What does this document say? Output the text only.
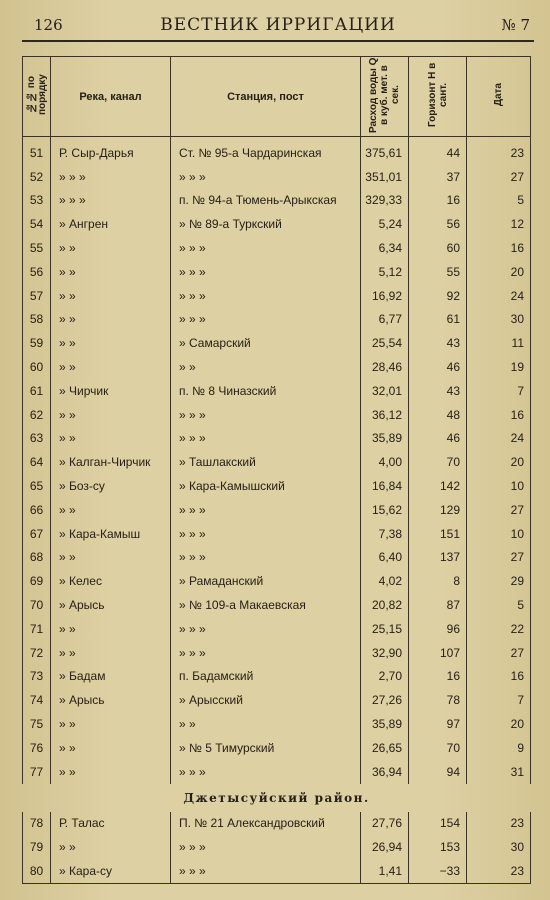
126	ВЕСТНИК ИРРИГАЦИИ	№ 7
№№ по порядку	Река, канал	Станция, пост	Расход воды Q в куб. мет. в сек.	Горизонт H в сант.	Дата
51	Р. Сыр-Дарья	Ст. № 95-а Чардаринская	375,61	44	23
52	» » »	» » »	351,01	37	27
53	» » »	п. № 94-а Тюмень-Арыкская	329,33	16	5
54	» Ангрен	» № 89-а Туркский	5,24	56	12
55	» »	» » »	6,34	60	16
56	» »	» » »	5,12	55	20
57	» »	» » »	16,92	92	24
58	» »	» » »	6,77	61	30
59	» »	» Самарский	25,54	43	11
60	» »	» »	28,46	46	19
61	» Чирчик	п. № 8 Чиназский	32,01	43	7
62	» »	» » »	36,12	48	16
63	» »	» » »	35,89	46	24
64	» Калган-Чирчик	» Ташлакский	4,00	70	20
65	» Боз-су	» Кара-Камышский	16,84	142	10
66	» »	» » »	15,62	129	27
67	» Кара-Камыш	» » »	7,38	151	10
68	» »	» » »	6,40	137	27
69	» Келес	» Рамаданский	4,02	8	29
70	» Арысь	» № 109-а Макаевская	20,82	87	5
71	» »	» » »	25,15	96	22
72	» »	» » »	32,90	107	27
73	» Бадам	п. Бадамский	2,70	16	16
74	» Арысь	» Арысский	27,26	78	7
75	» »	» »	35,89	97	20
76	» »	» № 5 Тимурский	26,65	70	9
77	» »	» » »	36,94	94	31
Джетысуйский район.					
78	Р. Талас	П. № 21 Александровский	27,76	154	23
79	» »	» » »	26,94	153	30
80	» Кара-су	» » »	1,41	−33	23
